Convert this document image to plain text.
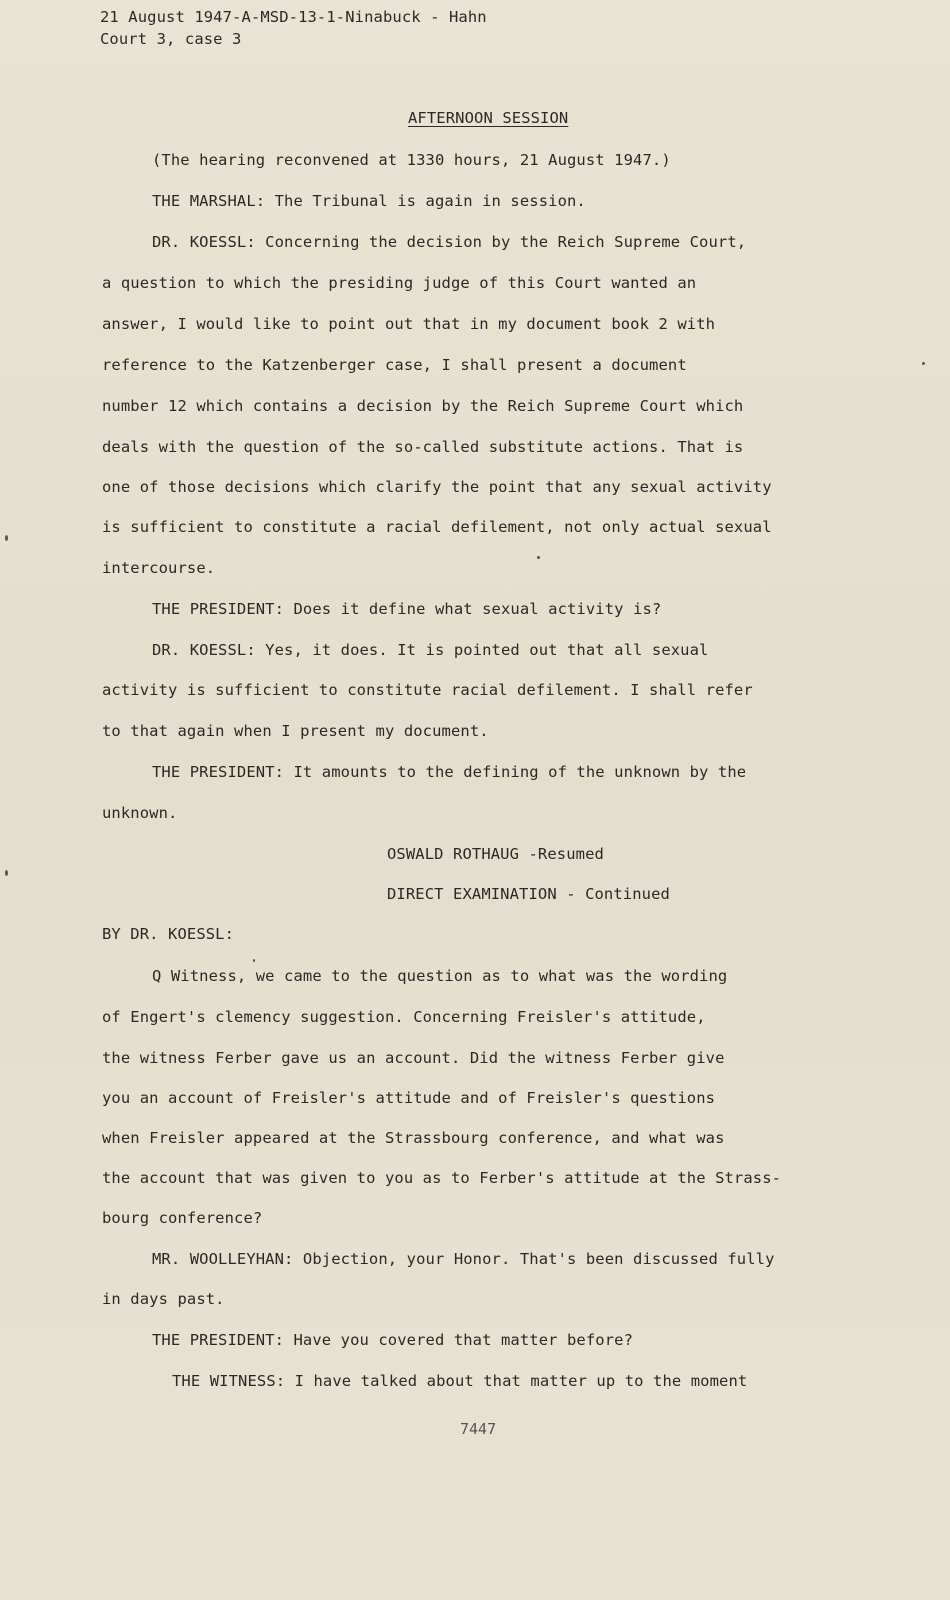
21 August 1947-A-MSD-13-1-Ninabuck - Hahn
Court 3, case 3
AFTERNOON SESSION
(The hearing reconvened at 1330 hours, 21 August 1947.)
THE MARSHAL: The Tribunal is again in session.
DR. KOESSL: Concerning the decision by the Reich Supreme Court,
a question to which the presiding judge of this Court wanted an
answer, I would like to point out that in my document book 2 with
reference to the Katzenberger case, I shall present a document
number 12 which contains a decision by the Reich Supreme Court which
deals with the question of the so-called substitute actions. That is
one of those decisions which clarify the point that any sexual activity
is sufficient to constitute a racial defilement, not only actual sexual
intercourse.
THE PRESIDENT: Does it define what sexual activity is?
DR. KOESSL: Yes, it does. It is pointed out that all sexual
activity is sufficient to constitute racial defilement. I shall refer
to that again when I present my document.
THE PRESIDENT: It amounts to the defining of the unknown by the
unknown.
OSWALD ROTHAUG -Resumed
DIRECT EXAMINATION - Continued
BY DR. KOESSL:
Q Witness, we came to the question as to what was the wording
of Engert's clemency suggestion. Concerning Freisler's attitude,
the witness Ferber gave us an account. Did the witness Ferber give
you an account of Freisler's attitude and of Freisler's questions
when Freisler appeared at the Strassbourg conference, and what was
the account that was given to you as to Ferber's attitude at the Strass-
bourg conference?
MR. WOOLLEYHAN: Objection, your Honor. That's been discussed fully
in days past.
THE PRESIDENT: Have you covered that matter before?
THE WITNESS: I have talked about that matter up to the moment
7447
